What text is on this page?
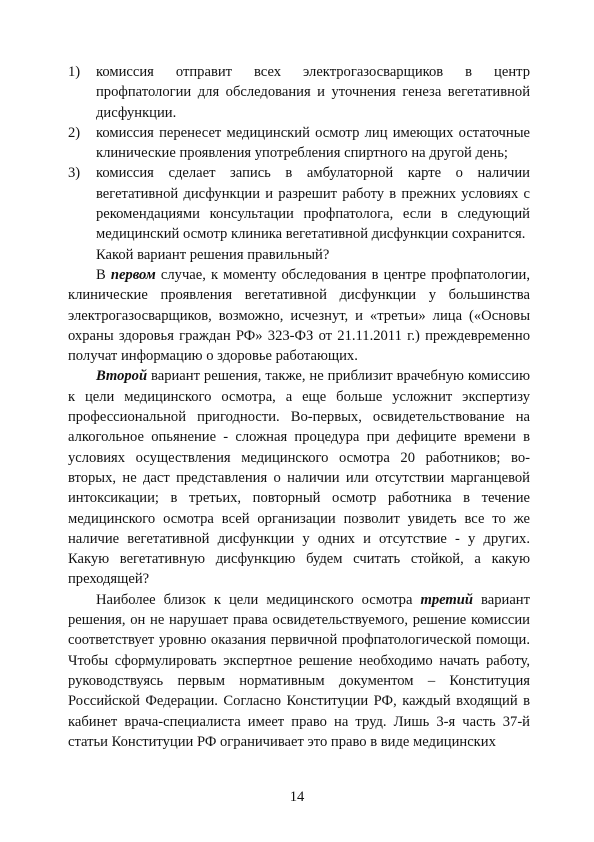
1)	комиссия отправит всех электрогазосварщиков в центр профпатологии для обследования и уточнения генеза вегетативной дисфункции.
2)	комиссия перенесет медицинский осмотр лиц имеющих остаточные клинические проявления употребления спиртного на другой день;
3)	комиссия сделает запись в амбулаторной карте о наличии вегетативной дисфункции и разрешит работу в прежних условиях с рекомендациями консультации профпатолога, если в следующий медицинский осмотр клиника вегетативной дисфункции сохранится.

Какой вариант решения правильный?

В первом случае, к моменту обследования в центре профпатологии, клинические проявления вегетативной дисфункции у большинства электрогазосварщиков, возможно, исчезнут, и «третьи» лица («Основы охраны здоровья граждан РФ» 323-ФЗ от 21.11.2011 г.) преждевременно получат информацию о здоровье работающих.

Второй вариант решения, также, не приблизит врачебную комиссию к цели медицинского осмотра, а еще больше усложнит экспертизу профессиональной пригодности. Во-первых, освидетельствование на алкогольное опьянение - сложная процедура при дефиците времени в условиях осуществления медицинского осмотра 20 работников; во-вторых, не даст представления о наличии или отсутствии марганцевой интоксикации; в третьих, повторный осмотр работника в течение медицинского осмотра всей организации позволит увидеть все то же наличие вегетативной дисфункции у одних и отсутствие - у других. Какую вегетативную дисфункцию будем считать стойкой, а какую преходящей?

Наиболее близок к цели медицинского осмотра третий вариант решения, он не нарушает права освидетельствуемого, решение комиссии соответствует уровню оказания первичной профпатологической помощи. Чтобы сформулировать экспертное решение необходимо начать работу, руководствуясь первым нормативным документом – Конституция Российской Федерации. Согласно Конституции РФ, каждый входящий в кабинет врача-специалиста имеет право на труд. Лишь 3-я часть 37-й статьи Конституции РФ ограничивает это право в виде медицинских

14
